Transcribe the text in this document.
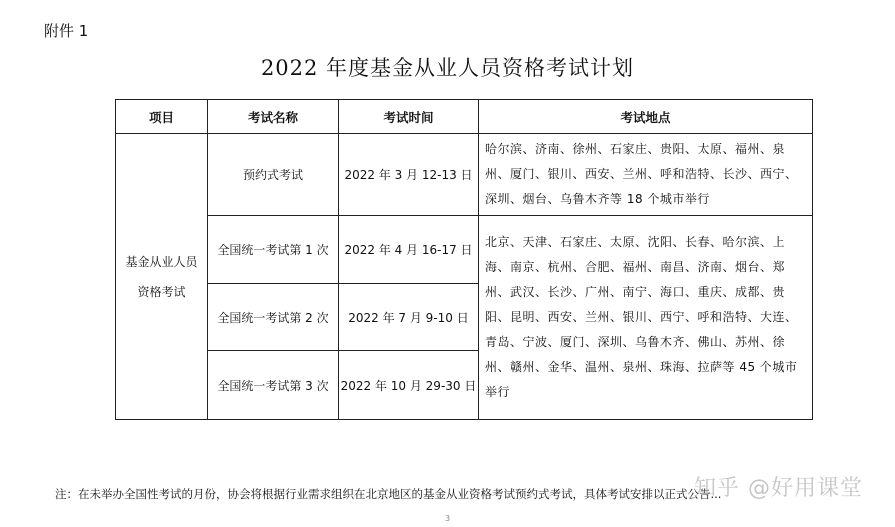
附件 1
2022 年度基金从业人员资格考试计划
项目	考试名称	考试时间	考试地点
基金从业人员
资格考试	预约式考试	2022 年 3 月 12-13 日	哈尔滨、济南、徐州、石家庄、贵阳、太原、福州、泉州、厦门、银川、西安、兰州、呼和浩特、长沙、西宁、深圳、烟台、乌鲁木齐等 18 个城市举行
	全国统一考试第 1 次	2022 年 4 月 16-17 日	北京、天津、石家庄、太原、沈阳、长春、哈尔滨、上海、南京、杭州、合肥、福州、南昌、济南、烟台、郑州、武汉、长沙、广州、南宁、海口、重庆、成都、贵阳、昆明、西安、兰州、银川、西宁、呼和浩特、大连、青岛、宁波、厦门、深圳、乌鲁木齐、佛山、苏州、徐州、赣州、金华、温州、泉州、珠海、拉萨等 45 个城市举行
	全国统一考试第 2 次	2022 年 7 月 9-10 日	
	全国统一考试第 3 次	2022 年 10 月 29-30 日	
注：在未举办全国性考试的月份，协会将根据行业需求组织在北京地区的基金从业资格考试预约式考试，具体考试安排以正式公告...
知乎 @好用课堂
3
